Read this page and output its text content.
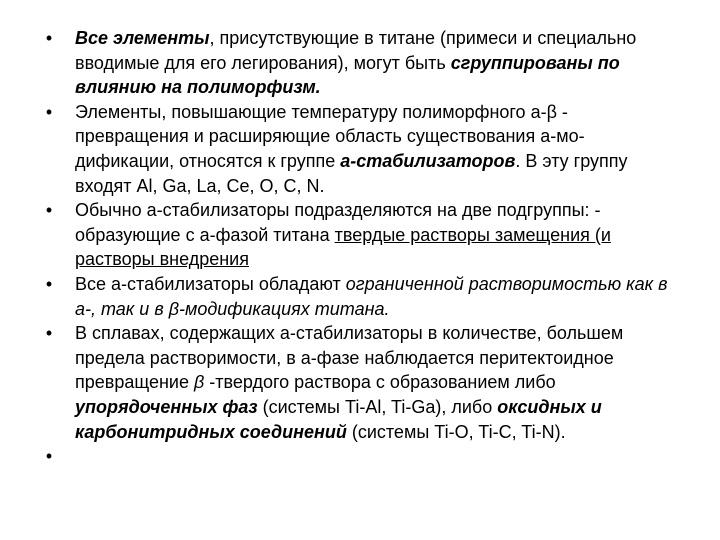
• Все элементы, присутствующие в титане (примеси и специально вводимые для его легирования), могут быть сгруппированы по влиянию на полиморфизм.
• Элементы, повышающие температуру полиморфного a-β - превращения и расширяющие область существования a-мо-дификации, относятся к группе a-стабилизаторов. В эту группу входят Al, Ga, La, Ce, O, C, N.
• Обычно a-стабилизаторы подразделяются на две подгруппы: - образующие с a-фазой титана твердые растворы замещения (и растворы внедрения
• Все a-стабилизаторы обладают ограниченной растворимостью как в a-, так и в β-модификациях титана.
• В сплавах, содержащих a-стабилизаторы в количестве, большем предела растворимости, в a-фазе наблюдается перитектоидное превращение β -твердого раствора с образованием либо упорядоченных фаз (системы Ti-Al, Ti-Ga), либо оксидных и карбонитридных соединений (системы Ti-O, Ti-C, Ti-N).
•
